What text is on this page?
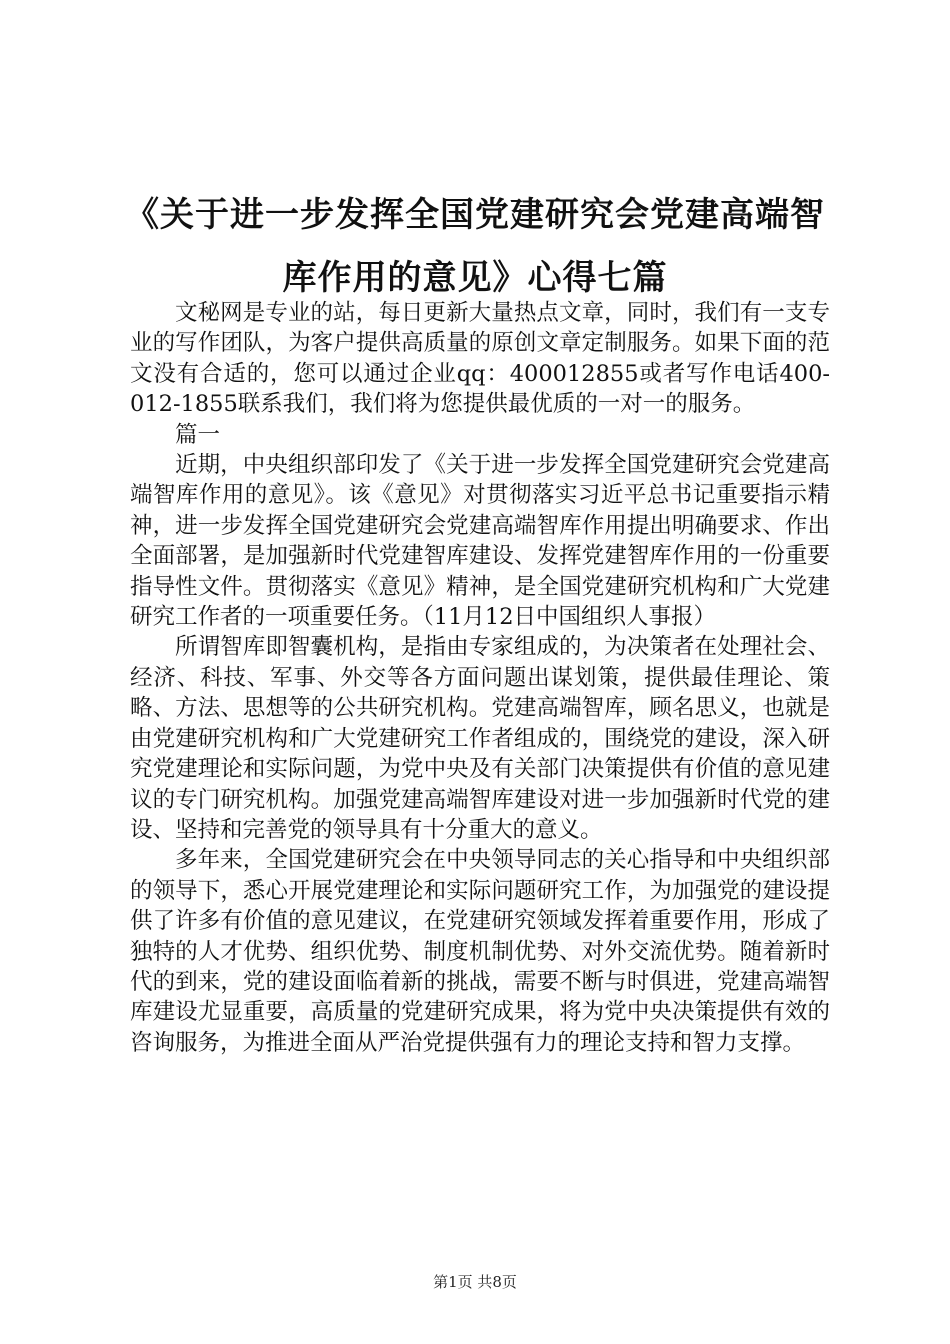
《关于进一步发挥全国党建研究会党建高端智
库作用的意见》心得七篇

文秘网是专业的站，每日更新大量热点文章，同时，我们有一支专业的写作团队，为客户提供高质量的原创文章定制服务。如果下面的范文没有合适的，您可以通过企业qq：400012855或者写作电话400-012-1855联系我们，我们将为您提供最优质的一对一的服务。

篇一

近期，中央组织部印发了《关于进一步发挥全国党建研究会党建高端智库作用的意见》。该《意见》对贯彻落实习近平总书记重要指示精神，进一步发挥全国党建研究会党建高端智库作用提出明确要求、作出全面部署，是加强新时代党建智库建设、发挥党建智库作用的一份重要指导性文件。贯彻落实《意见》精神，是全国党建研究机构和广大党建研究工作者的一项重要任务。（11月12日中国组织人事报）

所谓智库即智囊机构，是指由专家组成的，为决策者在处理社会、经济、科技、军事、外交等各方面问题出谋划策，提供最佳理论、策略、方法、思想等的公共研究机构。党建高端智库，顾名思义，也就是由党建研究机构和广大党建研究工作者组成的，围绕党的建设，深入研究党建理论和实际问题，为党中央及有关部门决策提供有价值的意见建议的专门研究机构。加强党建高端智库建设对进一步加强新时代党的建设、坚持和完善党的领导具有十分重大的意义。

多年来，全国党建研究会在中央领导同志的关心指导和中央组织部的领导下，悉心开展党建理论和实际问题研究工作，为加强党的建设提供了许多有价值的意见建议，在党建研究领域发挥着重要作用，形成了独特的人才优势、组织优势、制度机制优势、对外交流优势。随着新时代的到来，党的建设面临着新的挑战，需要不断与时俱进，党建高端智库建设尤显重要，高质量的党建研究成果，将为党中央决策提供有效的咨询服务，为推进全面从严治党提供强有力的理论支持和智力支撑。

第1页 共8页
